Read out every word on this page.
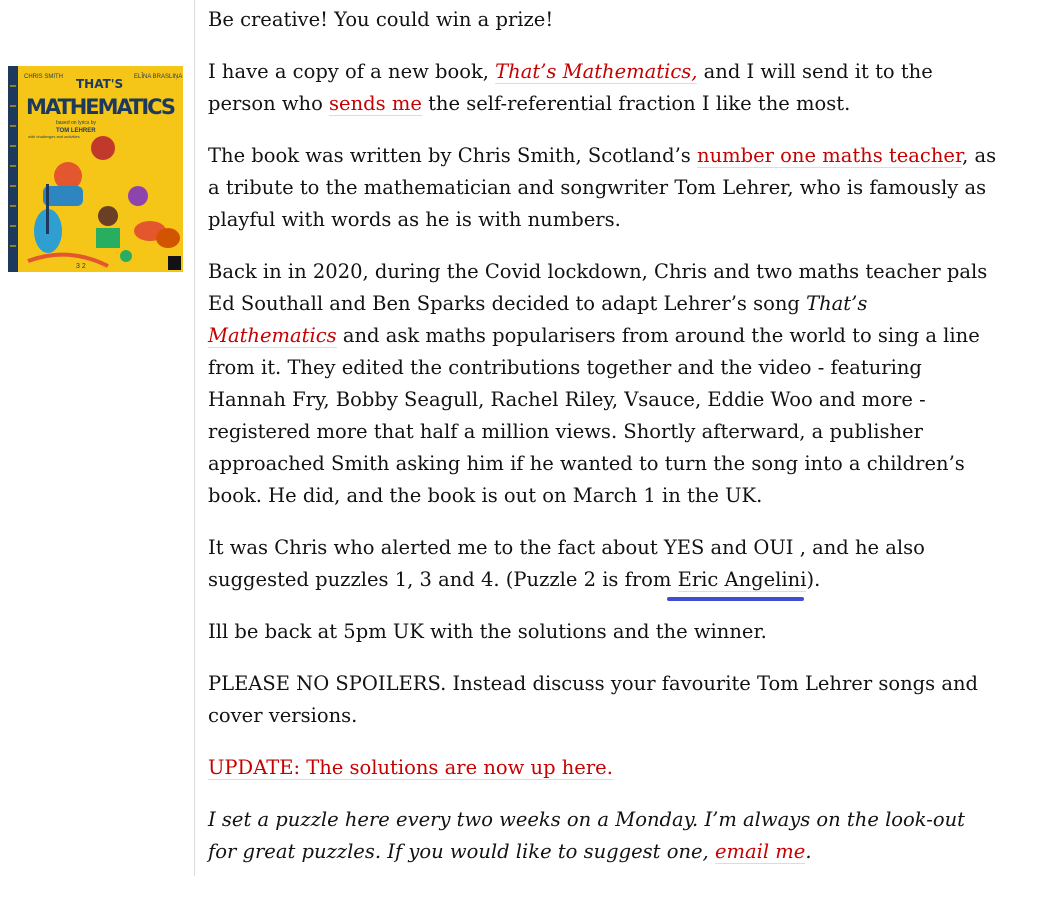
CHRIS SMITH	ELĪNA BRASLIŅA
THAT'S
MATHEMATICS
based on lyrics by
TOM LEHRER
with challenges and activities
3 2

Be creative! You could win a prize!

I have a copy of a new book, That’s Mathematics, and I will send it to the person who sends me the self-referential fraction I like the most.

The book was written by Chris Smith, Scotland’s number one maths teacher, as a tribute to the mathematician and songwriter Tom Lehrer, who is famously as playful with words as he is with numbers.

Back in in 2020, during the Covid lockdown, Chris and two maths teacher pals Ed Southall and Ben Sparks decided to adapt Lehrer’s song That’s Mathematics and ask maths popularisers from around the world to sing a line from it. They edited the contributions together and the video - featuring Hannah Fry, Bobby Seagull, Rachel Riley, Vsauce, Eddie Woo and more - registered more that half a million views. Shortly afterward, a publisher approached Smith asking him if he wanted to turn the song into a children’s book. He did, and the book is out on March 1 in the UK.

It was Chris who alerted me to the fact about YES and OUI , and he also suggested puzzles 1, 3 and 4. (Puzzle 2 is from Eric Angelini).

Ill be back at 5pm UK with the solutions and the winner.

PLEASE NO SPOILERS. Instead discuss your favourite Tom Lehrer songs and cover versions.

UPDATE: The solutions are now up here.

I set a puzzle here every two weeks on a Monday. I’m always on the look-out for great puzzles. If you would like to suggest one, email me.
